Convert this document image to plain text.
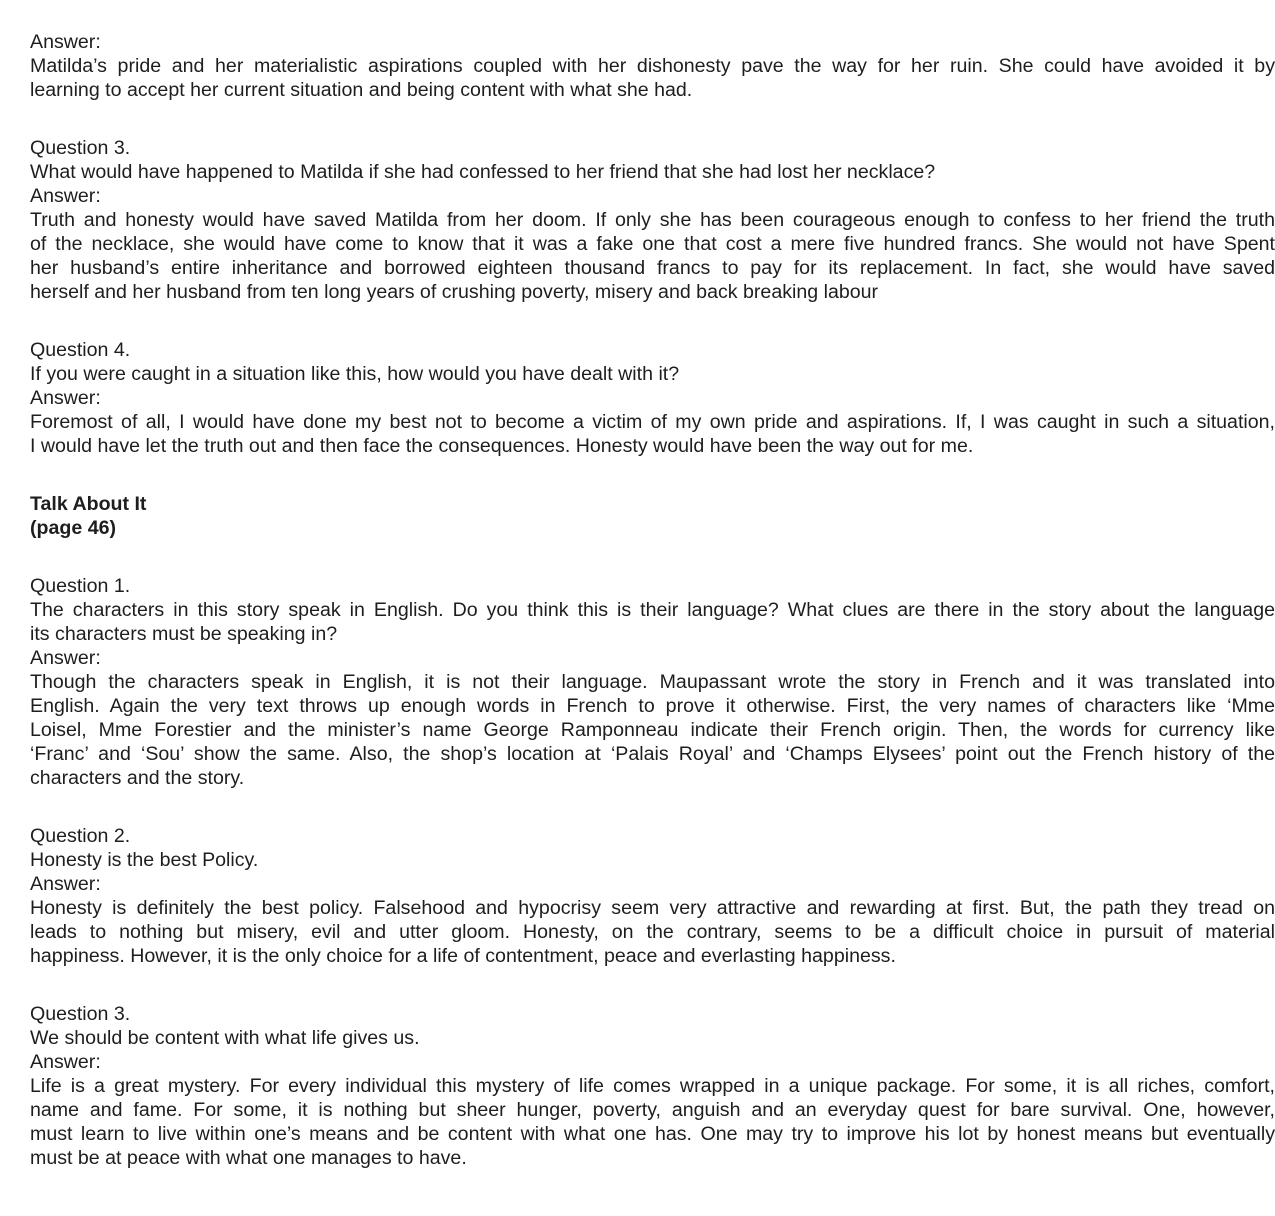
Answer:
Matilda’s pride and her materialistic aspirations coupled with her dishonesty pave the way for her ruin. She could have avoided it by
learning to accept her current situation and being content with what she had.
Question 3.
What would have happened to Matilda if she had confessed to her friend that she had lost her necklace?
Answer:
Truth and honesty would have saved Matilda from her doom. If only she has been courageous enough to confess to her friend the truth
of the necklace, she would have come to know that it was a fake one that cost a mere five hundred francs. She would not have Spent
her husband’s entire inheritance and borrowed eighteen thousand francs to pay for its replacement. In fact, she would have saved
herself and her husband from ten long years of crushing poverty, misery and back breaking labour
Question 4.
If you were caught in a situation like this, how would you have dealt with it?
Answer:
Foremost of all, I would have done my best not to become a victim of my own pride and aspirations. If, I was caught in such a situation,
I would have let the truth out and then face the consequences. Honesty would have been the way out for me.
Talk About It
(page 46)
Question 1.
The characters in this story speak in English. Do you think this is their language? What clues are there in the story about the language
its characters must be speaking in?
Answer:
Though the characters speak in English, it is not their language. Maupassant wrote the story in French and it was translated into
English. Again the very text throws up enough words in French to prove it otherwise. First, the very names of characters like ‘Mme
Loisel, Mme Forestier and the minister’s name George Ramponneau indicate their French origin. Then, the words for currency like
‘Franc’ and ‘Sou’ show the same. Also, the shop’s location at ‘Palais Royal’ and ‘Champs Elysees’ point out the French history of the
characters and the story.
Question 2.
Honesty is the best Policy.
Answer:
Honesty is definitely the best policy. Falsehood and hypocrisy seem very attractive and rewarding at first. But, the path they tread on
leads to nothing but misery, evil and utter gloom. Honesty, on the contrary, seems to be a difficult choice in pursuit of material
happiness. However, it is the only choice for a life of contentment, peace and everlasting happiness.
Question 3.
We should be content with what life gives us.
Answer:
Life is a great mystery. For every individual this mystery of life comes wrapped in a unique package. For some, it is all riches, comfort,
name and fame. For some, it is nothing but sheer hunger, poverty, anguish and an everyday quest for bare survival. One, however,
must learn to live within one’s means and be content with what one has. One may try to improve his lot by honest means but eventually
must be at peace with what one manages to have.
